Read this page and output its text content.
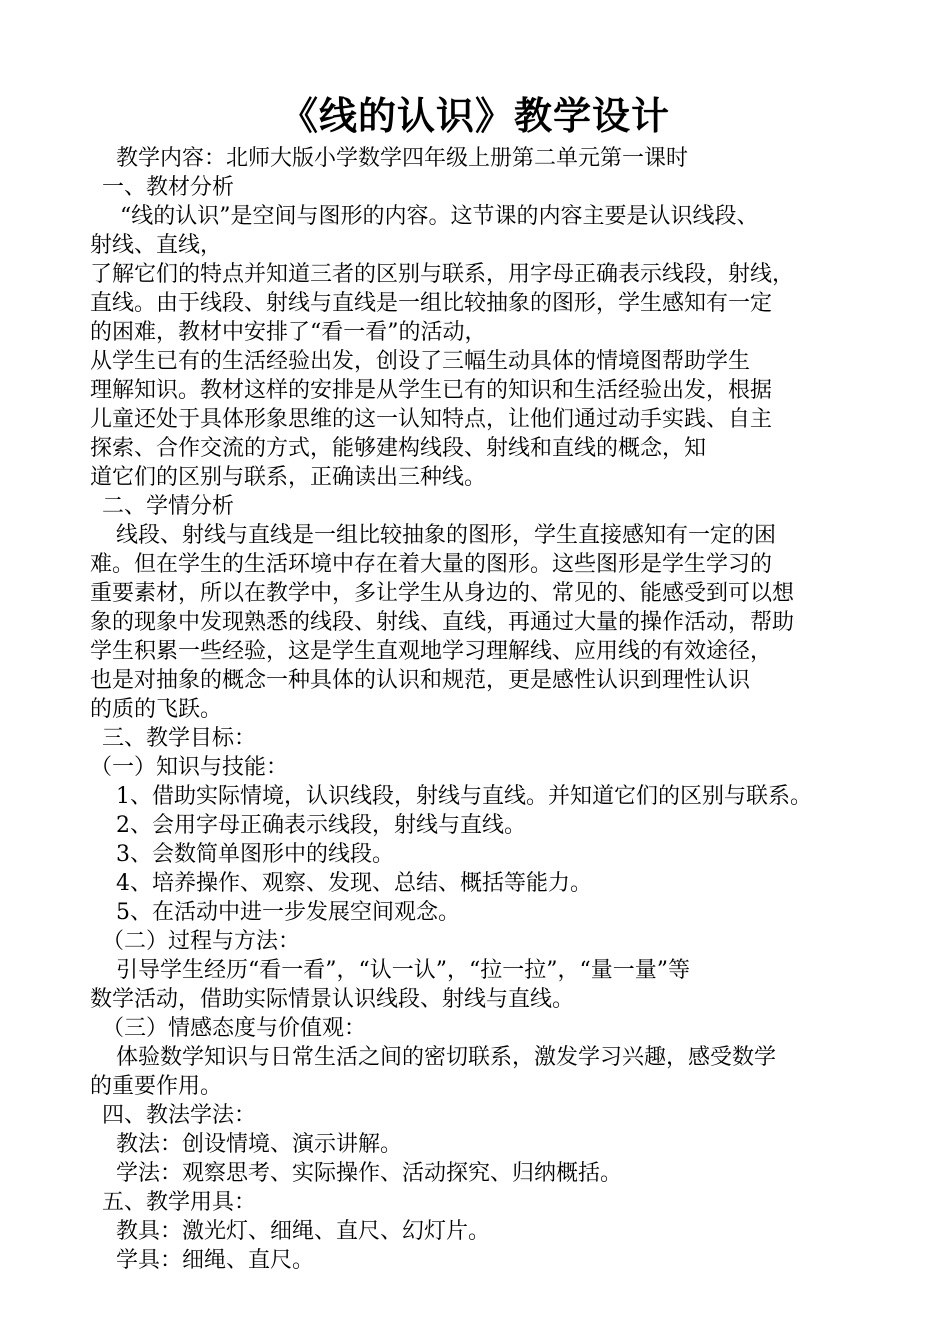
《线的认识》教学设计
教学内容：北师大版小学数学四年级上册第二单元第一课时
一、教材分析
“线的认识”是空间与图形的内容。这节课的内容主要是认识线段、
射线、直线，
了解它们的特点并知道三者的区别与联系，用字母正确表示线段，射线，
直线。由于线段、射线与直线是一组比较抽象的图形，学生感知有一定
的困难，教材中安排了“看一看”的活动，
从学生已有的生活经验出发，创设了三幅生动具体的情境图帮助学生
理解知识。教材这样的安排是从学生已有的知识和生活经验出发，根据
儿童还处于具体形象思维的这一认知特点，让他们通过动手实践、自主
探索、合作交流的方式，能够建构线段、射线和直线的概念，知
道它们的区别与联系，正确读出三种线。
二、学情分析
线段、射线与直线是一组比较抽象的图形，学生直接感知有一定的困
难。但在学生的生活环境中存在着大量的图形。这些图形是学生学习的
重要素材，所以在教学中，多让学生从身边的、常见的、能感受到可以想
象的现象中发现熟悉的线段、射线、直线，再通过大量的操作活动，帮助
学生积累一些经验，这是学生直观地学习理解线、应用线的有效途径，
也是对抽象的概念一种具体的认识和规范，更是感性认识到理性认识
的质的飞跃。
三、教学目标：
（一）知识与技能：
1、借助实际情境，认识线段，射线与直线。并知道它们的区别与联系。
2、会用字母正确表示线段，射线与直线。
3、会数简单图形中的线段。
4、培养操作、观察、发现、总结、概括等能力。
5、在活动中进一步发展空间观念。
（二）过程与方法：
引导学生经历“看一看”，“认一认”，“拉一拉”，“量一量”等
数学活动，借助实际情景认识线段、射线与直线。
（三）情感态度与价值观：
体验数学知识与日常生活之间的密切联系，激发学习兴趣，感受数学
的重要作用。
四、教法学法：
教法：创设情境、演示讲解。
学法：观察思考、实际操作、活动探究、归纳概括。
五、教学用具：
教具：激光灯、细绳、直尺、幻灯片。
学具：细绳、直尺。
